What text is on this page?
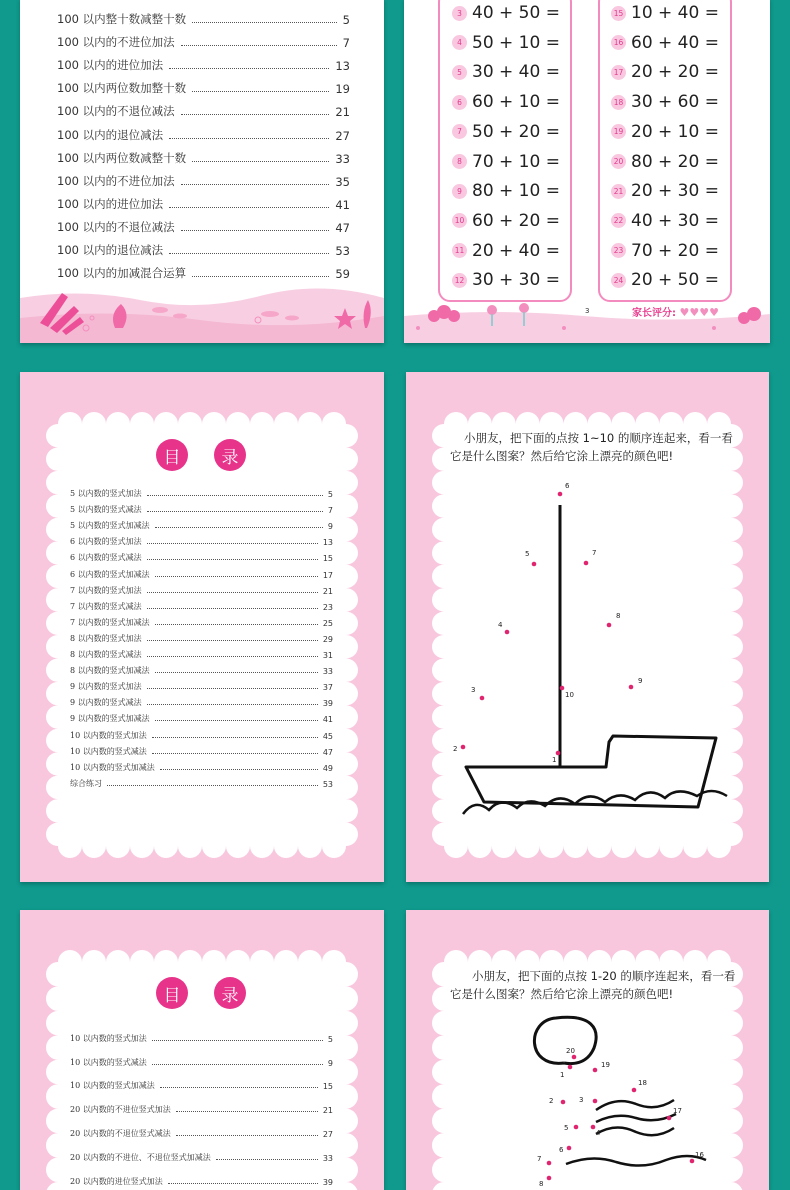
100 以内整十数减整十数	5
100 以内的不进位加法	7
100 以内的进位加法	13
100 以内两位数加整十数	19
100 以内的不退位减法	21
100 以内的退位减法	27
100 以内两位数减整十数	33
100 以内的不进位加法	35
100 以内的进位加法	41
100 以内的不退位减法	47
100 以内的退位减法	53
100 以内的加减混合运算	59
3 40 + 50 =
4 50 + 10 =
5 30 + 40 =
6 60 + 10 =
7 50 + 20 =
8 70 + 10 =
9 80 + 10 =
10 60 + 20 =
11 20 + 40 =
12 30 + 30 =
15 10 + 40 =
16 60 + 40 =
17 20 + 20 =
18 30 + 60 =
19 20 + 10 =
20 80 + 20 =
21 20 + 30 =
22 40 + 30 =
23 70 + 20 =
24 20 + 50 =
3	家长评分: ♥♥♥♥
目	录
5 以内数的竖式加法	5
5 以内数的竖式减法	7
5 以内数的竖式加减法	9
6 以内数的竖式加法	13
6 以内数的竖式减法	15
6 以内数的竖式加减法	17
7 以内数的竖式加法	21
7 以内数的竖式减法	23
7 以内数的竖式加减法	25
8 以内数的竖式加法	29
8 以内数的竖式减法	31
8 以内数的竖式加减法	33
9 以内数的竖式加法	37
9 以内数的竖式减法	39
9 以内数的竖式加减法	41
10 以内数的竖式加法	45
10 以内数的竖式减法	47
10 以内数的竖式加减法	49
综合练习	53
小朋友，把下面的点按 1~10 的顺序连起来，看一看
它是什么图案？然后给它涂上漂亮的颜色吧!
1
2
3
4
5
6
7
8
9
10
目	录
10 以内数的竖式加法	5
10 以内数的竖式减法	9
10 以内数的竖式加减法	15
20 以内数的不进位竖式加法	21
20 以内数的不退位竖式减法	27
20 以内数的不进位、不退位竖式加减法	33
20 以内数的进位竖式加法	39
小朋友，把下面的点按 1-20 的顺序连起来，看一看
它是什么图案？然后给它涂上漂亮的颜色吧!
20
1
19
18
2	3
17
5
4
6
16
7
8
